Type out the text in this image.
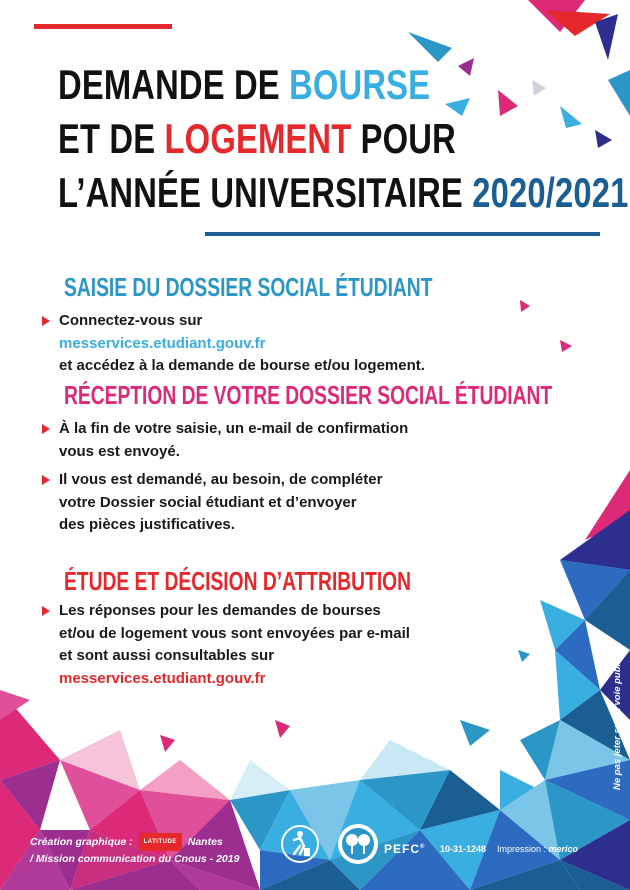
DEMANDE DE BOURSE
ET DE LOGEMENT POUR
L’ANNÉE UNIVERSITAIRE 2020/2021
SAISIE DU DOSSIER SOCIAL ÉTUDIANT
Connectez-vous sur
messervices.etudiant.gouv.fr
et accédez à la demande de bourse et/ou logement.
RÉCEPTION DE VOTRE DOSSIER SOCIAL ÉTUDIANT
À la fin de votre saisie, un e-mail de confirmation
vous est envoyé.
Il vous est demandé, au besoin, de compléter
votre Dossier social étudiant et d’envoyer
des pièces justificatives.
ÉTUDE ET DÉCISION D’ATTRIBUTION
Les réponses pour les demandes de bourses
et/ou de logement vous sont envoyées par e-mail
et sont aussi consultables sur
messervices.etudiant.gouv.fr	Ne pas jeter sur la voie publique.
Création graphique : LATITUDE Nantes
/ Mission communication du Cnous - 2019
PEFC® 10-31-1248 Impression : merico
